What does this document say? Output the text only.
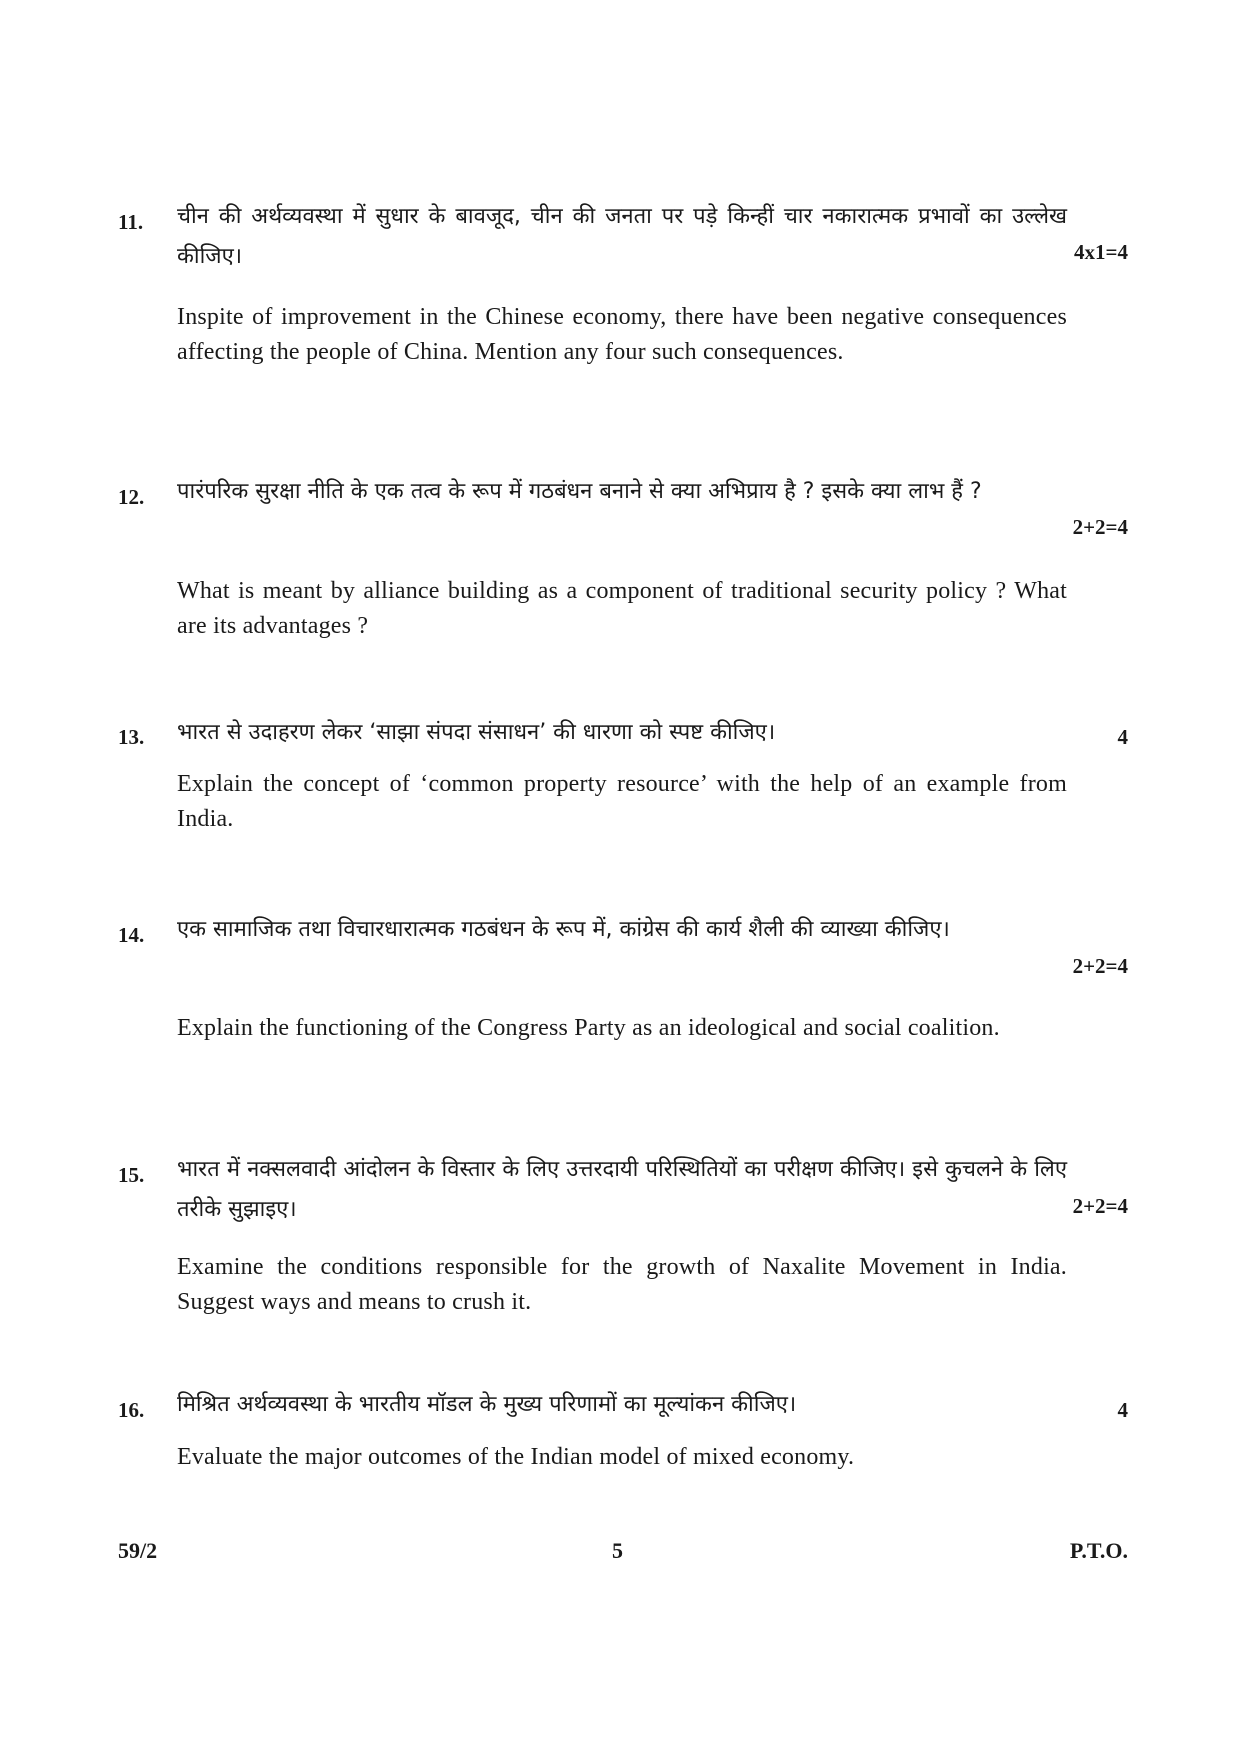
11. चीन की अर्थव्यवस्था में सुधार के बावजूद, चीन की जनता पर पड़े किन्हीं चार नकारात्मक प्रभावों का उल्लेख कीजिए।	4x1=4
Inspite of improvement in the Chinese economy, there have been negative consequences affecting the people of China. Mention any four such consequences.
12. पारंपरिक सुरक्षा नीति के एक तत्व के रूप में गठबंधन बनाने से क्या अभिप्राय है ? इसके क्या लाभ हैं ?
2+2=4
What is meant by alliance building as a component of traditional security policy ? What are its advantages ?
13. भारत से उदाहरण लेकर ‘साझा संपदा संसाधन’ की धारणा को स्पष्ट कीजिए।	4
Explain the concept of ‘common property resource’ with the help of an example from India.
14. एक सामाजिक तथा विचारधारात्मक गठबंधन के रूप में, कांग्रेस की कार्य शैली की व्याख्या कीजिए।
2+2=4
Explain the functioning of the Congress Party as an ideological and social coalition.
15. भारत में नक्सलवादी आंदोलन के विस्तार के लिए उत्तरदायी परिस्थितियों का परीक्षण कीजिए। इसे कुचलने के लिए तरीके सुझाइए।	2+2=4
Examine the conditions responsible for the growth of Naxalite Movement in India. Suggest ways and means to crush it.
16. मिश्रित अर्थव्यवस्था के भारतीय मॉडल के मुख्य परिणामों का मूल्यांकन कीजिए।	4
Evaluate the major outcomes of the Indian model of mixed economy.
59/2	5	P.T.O.
